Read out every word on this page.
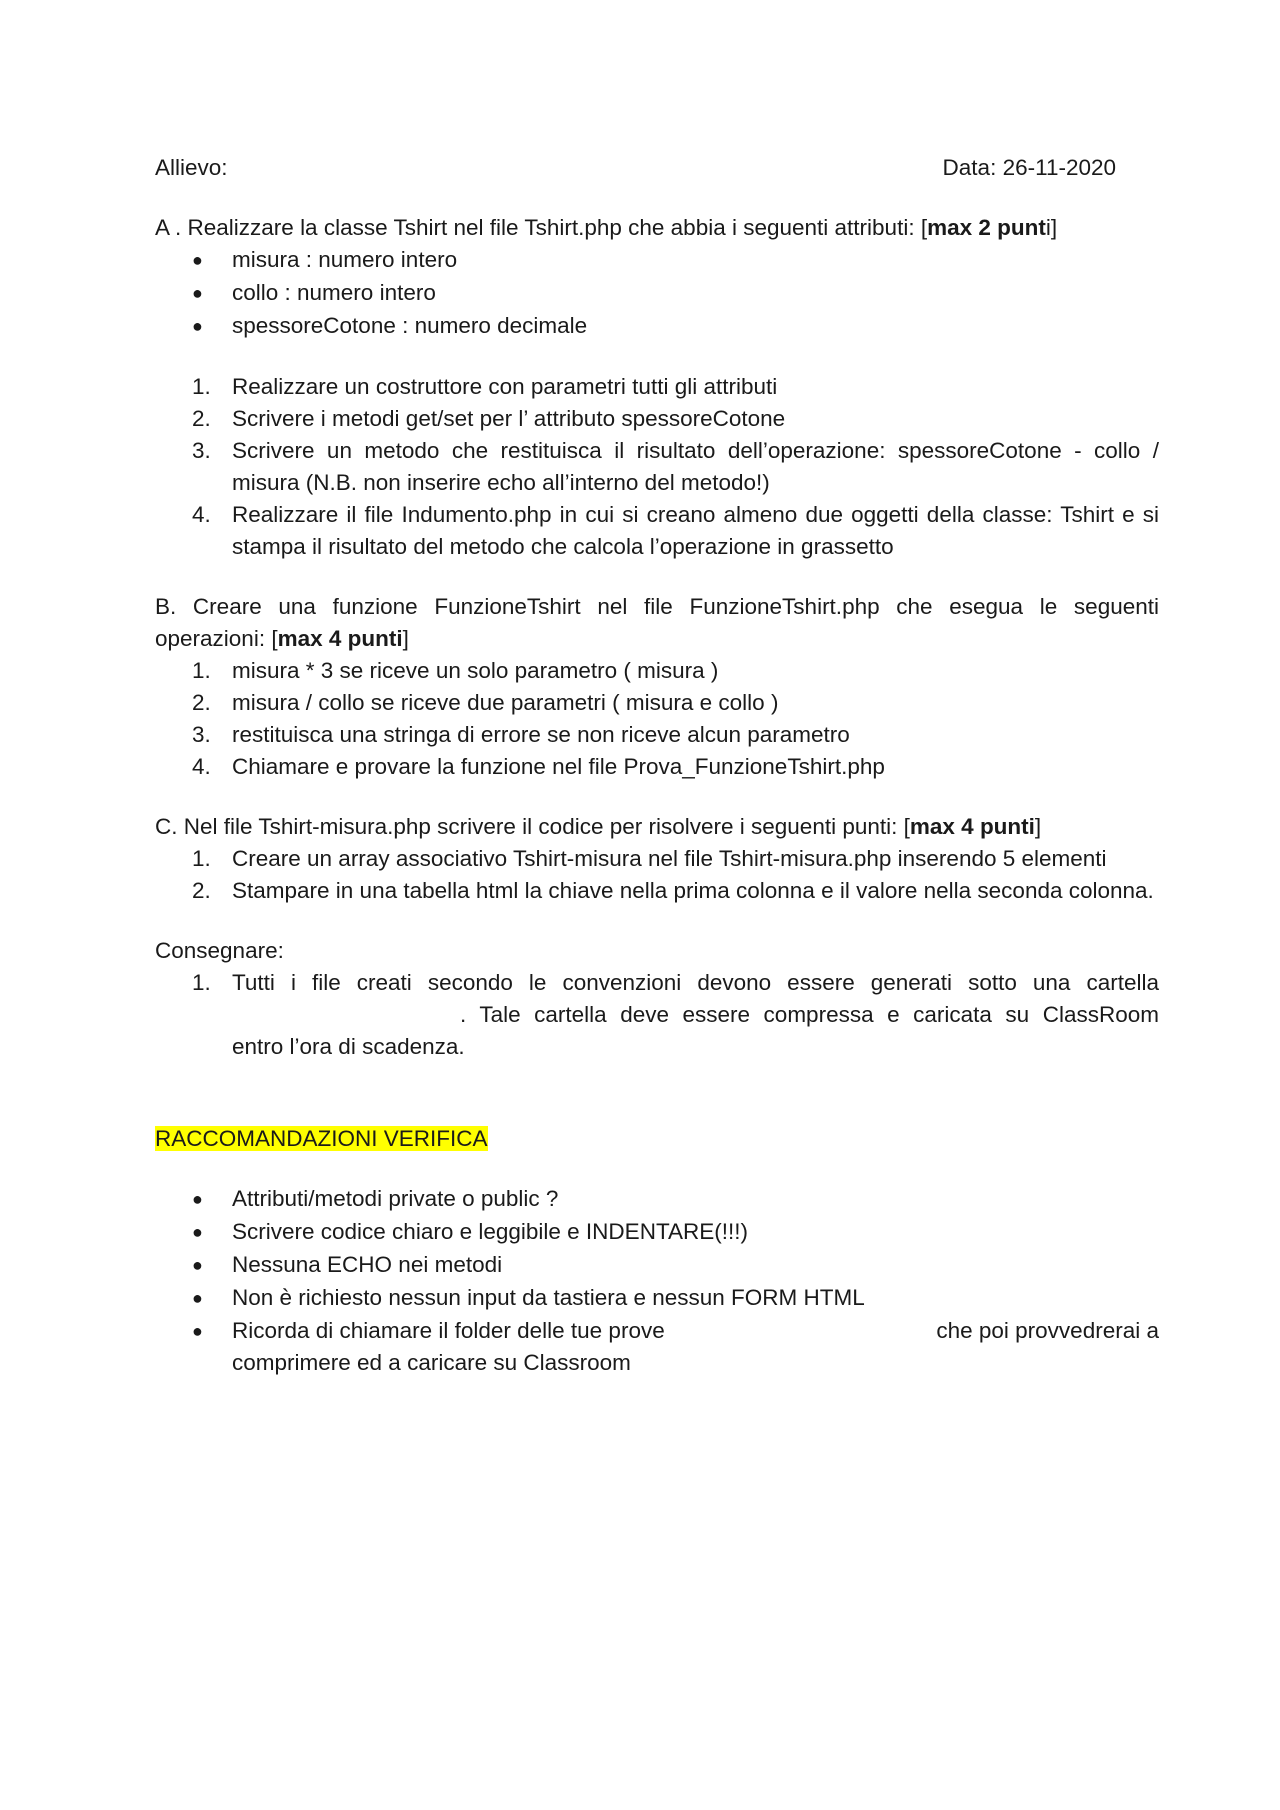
Allievo:	Data: 26-11-2020
A . Realizzare la classe Tshirt nel file Tshirt.php che abbia i seguenti attributi: [max 2 punti]
●	misura : numero intero
●	collo : numero intero
●	spessoreCotone : numero decimale
1. Realizzare un costruttore con parametri tutti gli attributi
2. Scrivere i metodi get/set per l’ attributo spessoreCotone
3. Scrivere un metodo che restituisca il risultato dell’operazione: spessoreCotone - collo / misura (N.B. non inserire echo all’interno del metodo!)
4. Realizzare il file Indumento.php in cui si creano almeno due oggetti della classe: Tshirt e si stampa il risultato del metodo che calcola l’operazione in grassetto
B. Creare una funzione FunzioneTshirt nel file FunzioneTshirt.php che esegua le seguenti operazioni: [max 4 punti]
1. misura * 3 se riceve un solo parametro ( misura )
2. misura / collo se riceve due parametri ( misura e collo )
3. restituisca una stringa di errore se non riceve alcun parametro
4. Chiamare e provare la funzione nel file Prova_FunzioneTshirt.php
C. Nel file Tshirt-misura.php scrivere il codice per risolvere i seguenti punti: [max 4 punti]
1. Creare un array associativo Tshirt-misura nel file Tshirt-misura.php inserendo 5 elementi
2. Stampare in una tabella html la chiave nella prima colonna e il valore nella seconda colonna.
Consegnare:
1. Tutti i file creati secondo le convenzioni devono essere generati sotto una cartella
. Tale cartella deve essere compressa e caricata su ClassRoom
entro l’ora di scadenza.
RACCOMANDAZIONI VERIFICA
●	Attributi/metodi private o public ?
●	Scrivere codice chiaro e leggibile e INDENTARE(!!!)
●	Nessuna ECHO nei metodi
●	Non è richiesto nessun input da tastiera e nessun FORM HTML
●	Ricorda di chiamare il folder delle tue prove	che poi provvedrerai a
comprimere ed a caricare su Classroom
